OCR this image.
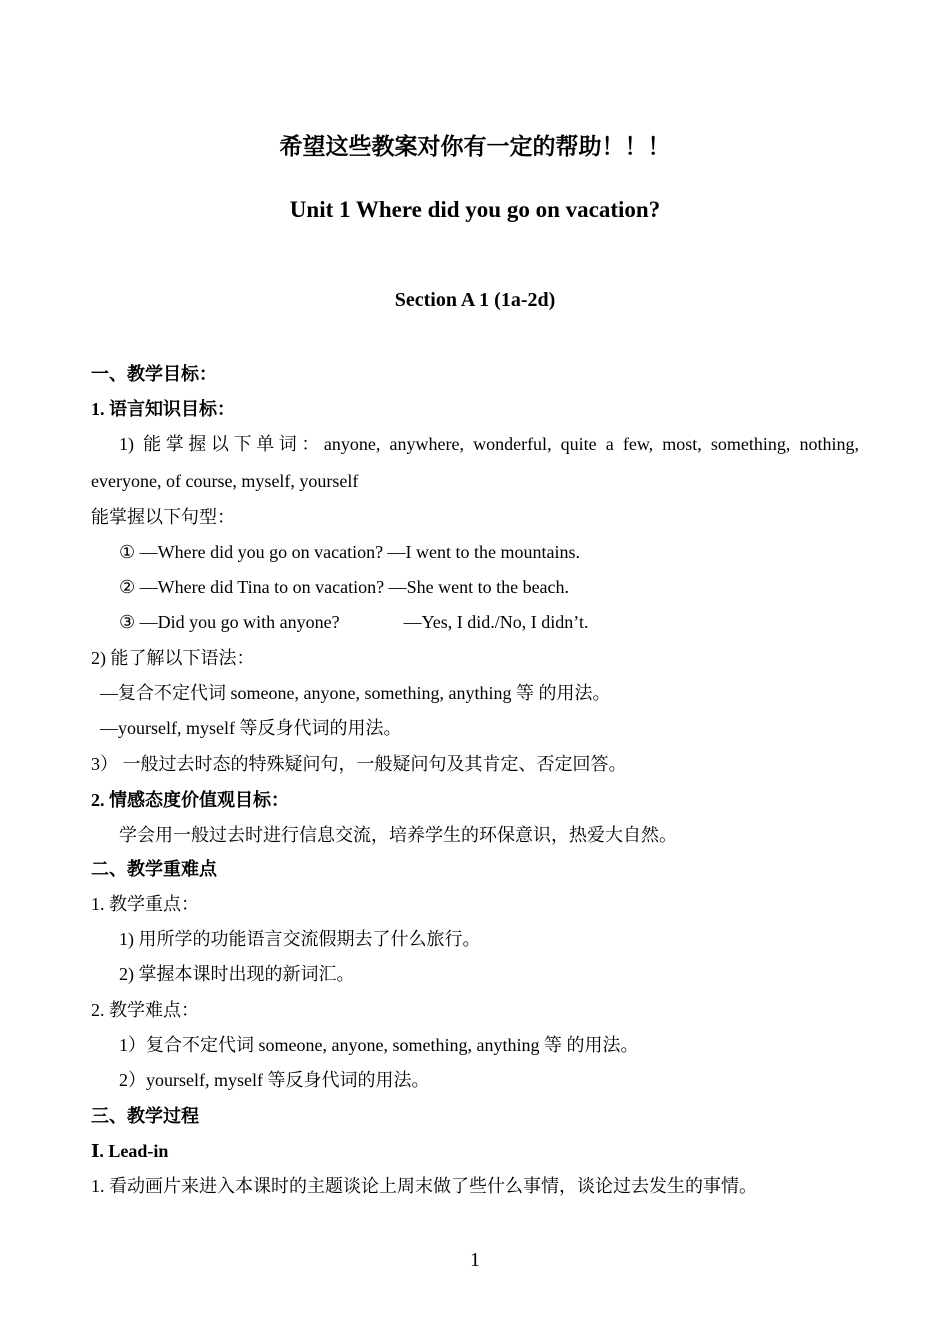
希望这些教案对你有一定的帮助！！！
Unit 1 Where did you go on vacation?
Section A 1 (1a-2d)
一、教学目标：
1. 语言知识目标：
1) 能掌握以下单词：anyone, anywhere, wonderful, quite a few, most, something, nothing,
everyone, of course, myself, yourself
能掌握以下句型：
① —Where did you go on vacation? —I went to the mountains.
② —Where did Tina to on vacation? —She went to the beach.
③ —Did you go with anyone?	—Yes, I did./No, I didn’t.
2) 能了解以下语法：
—复合不定代词 someone, anyone, something, anything 等 的用法。
—yourself, myself 等反身代词的用法。
3） 一般过去时态的特殊疑问句，一般疑问句及其肯定、否定回答。
2. 情感态度价值观目标：
学会用一般过去时进行信息交流，培养学生的环保意识，热爱大自然。
二、教学重难点
1. 教学重点：
1) 用所学的功能语言交流假期去了什么旅行。
2) 掌握本课时出现的新词汇。
2. 教学难点：
1）复合不定代词 someone, anyone, something, anything 等 的用法。
2）yourself, myself 等反身代词的用法。
三、教学过程
Ⅰ. Lead-in
1. 看动画片来进入本课时的主题谈论上周末做了些什么事情，谈论过去发生的事情。
1
